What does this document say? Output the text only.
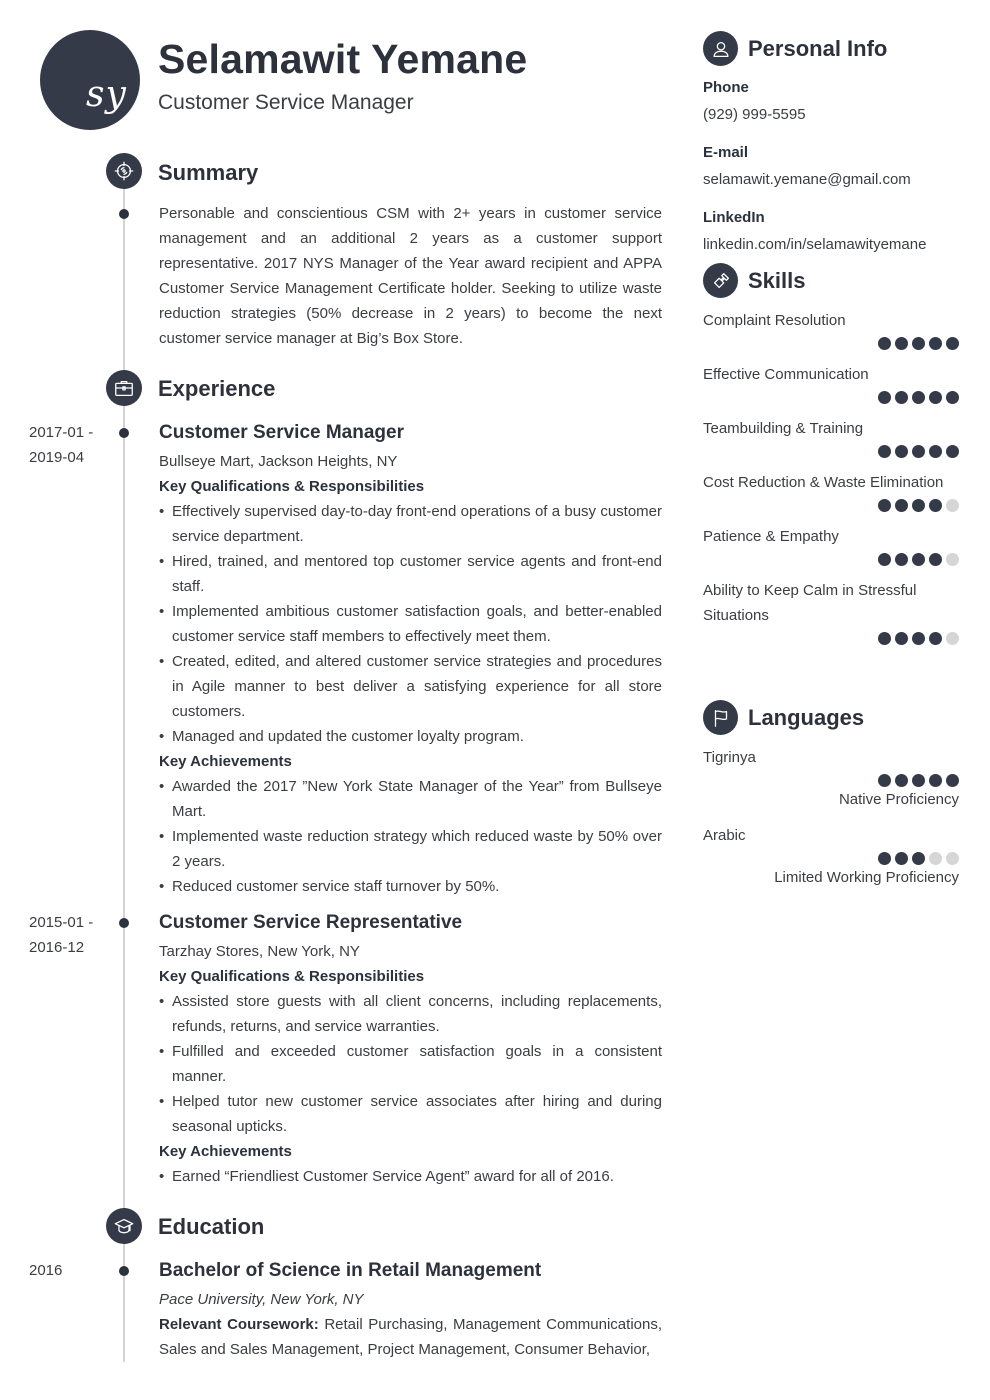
sy
Selamawit Yemane
Customer Service Manager
Summary
Personable and conscientious CSM with 2+ years in customer service management and an additional 2 years as a customer support representative. 2017 NYS Manager of the Year award recipient and APPA Customer Service Management Certificate holder. Seeking to utilize waste reduction strategies (50% decrease in 2 years) to become the next customer service manager at Big’s Box Store.
Experience
2017-01 -
2019-04
Customer Service Manager
Bullseye Mart, Jackson Heights, NY
Key Qualifications & Responsibilities
• Effectively supervised day-to-day front-end operations of a busy customer service department.
• Hired, trained, and mentored top customer service agents and front-end staff.
• Implemented ambitious customer satisfaction goals, and better-enabled customer service staff members to effectively meet them.
• Created, edited, and altered customer service strategies and procedures in Agile manner to best deliver a satisfying experience for all store customers.
• Managed and updated the customer loyalty program.
Key Achievements
• Awarded the 2017 ”New York State Manager of the Year” from Bullseye Mart.
• Implemented waste reduction strategy which reduced waste by 50% over 2 years.
• Reduced customer service staff turnover by 50%.
2015-01 -
2016-12
Customer Service Representative
Tarzhay Stores, New York, NY
Key Qualifications & Responsibilities
• Assisted store guests with all client concerns, including replacements, refunds, returns, and service warranties.
• Fulfilled and exceeded customer satisfaction goals in a consistent manner.
• Helped tutor new customer service associates after hiring and during seasonal upticks.
Key Achievements
• Earned “Friendliest Customer Service Agent” award for all of 2016.
Education
2016	Bachelor of Science in Retail Management
Pace University, New York, NY
Relevant Coursework: Retail Purchasing, Management Communications, Sales and Sales Management, Project Management, Consumer Behavior,
Personal Info
Phone
(929) 999-5595
E-mail
selamawit.yemane@gmail.com
LinkedIn
linkedin.com/in/selamawityemane
Skills
Complaint Resolution
Effective Communication
Teambuilding & Training
Cost Reduction & Waste Elimination
Patience & Empathy
Ability to Keep Calm in Stressful Situations
Languages
Tigrinya
Native Proficiency
Arabic
Limited Working Proficiency
